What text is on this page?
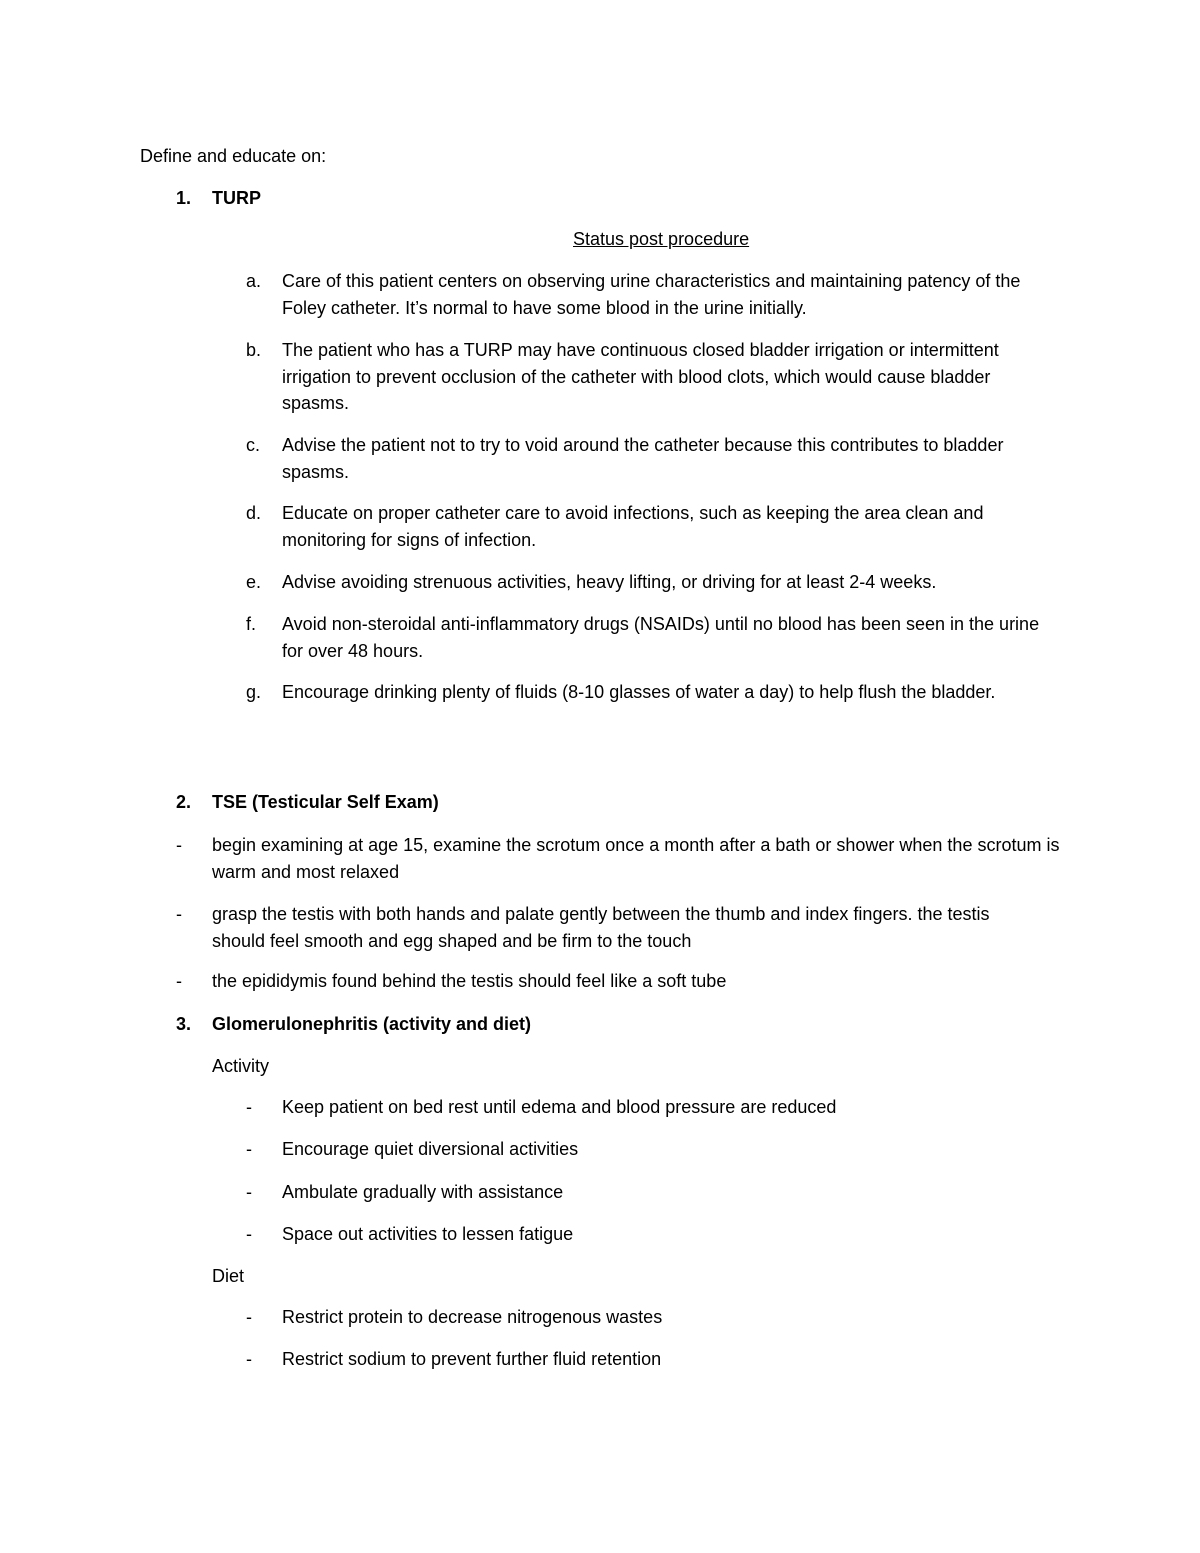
Define and educate on:
1. TURP
Status post procedure
a. Care of this patient centers on observing urine characteristics and maintaining patency of the Foley catheter. It’s normal to have some blood in the urine initially.
b. The patient who has a TURP may have continuous closed bladder irrigation or intermittent irrigation to prevent occlusion of the catheter with blood clots, which would cause bladder spasms.
c. Advise the patient not to try to void around the catheter because this contributes to bladder spasms.
d. Educate on proper catheter care to avoid infections, such as keeping the area clean and monitoring for signs of infection.
e. Advise avoiding strenuous activities, heavy lifting, or driving for at least 2-4 weeks.
f. Avoid non-steroidal anti-inflammatory drugs (NSAIDs) until no blood has been seen in the urine for over 48 hours.
g. Encourage drinking plenty of fluids (8-10 glasses of water a day) to help flush the bladder.
2. TSE (Testicular Self Exam)
- begin examining at age 15, examine the scrotum once a month after a bath or shower when the scrotum is warm and most relaxed
- grasp the testis with both hands and palate gently between the thumb and index fingers. the testis should feel smooth and egg shaped and be firm to the touch
- the epididymis found behind the testis should feel like a soft tube
3. Glomerulonephritis (activity and diet)
Activity
- Keep patient on bed rest until edema and blood pressure are reduced
- Encourage quiet diversional activities
- Ambulate gradually with assistance
- Space out activities to lessen fatigue
Diet
- Restrict protein to decrease nitrogenous wastes
- Restrict sodium to prevent further fluid retention
